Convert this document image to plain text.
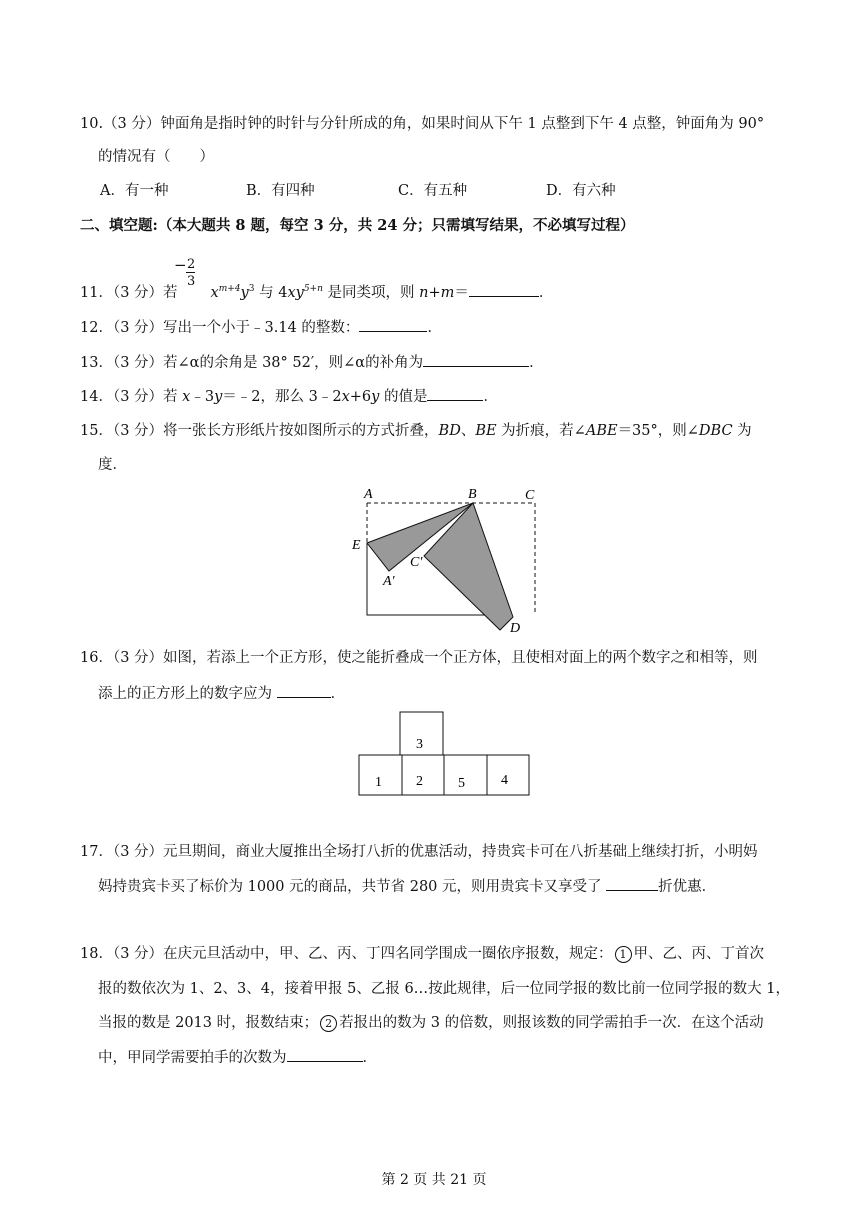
10.（3 分）钟面角是指时钟的时针与分针所成的角，如果时间从下午 1 点整到下午 4 点整，钟面角为 90°
的情况有（　　）
A．有一种	B．有四种	C．有五种	D．有六种
二、填空题:（本大题共 8 题，每空 3 分，共 24 分；只需填写结果，不必填写过程）
− 2
3
11．（3 分）若 $x^{m+4}y^3$ 与 $4xy^{5+n}$ 是同类项，则 n+m＝	．
12．（3 分）写出一个小于﹣3.14 的整数：	．
13．（3 分）若∠α的余角是 38° 52′，则∠α的补角为	．
14．（3 分）若 x﹣3y＝﹣2，那么 3﹣2x+6y 的值是	．
15．（3 分）将一张长方形纸片按如图所示的方式折叠，BD、BE 为折痕，若∠ABE＝35°，则∠DBC 为
度．
A	B	C
E
C′
A′
D
16．（3 分）如图，若添上一个正方形，使之能折叠成一个正方体，且使相对面上的两个数字之和相等，则
添上的正方形上的数字应为	．
3
1 2	5	4
17．（3 分）元旦期间，商业大厦推出全场打八折的优惠活动，持贵宾卡可在八折基础上继续打折，小明妈
妈持贵宾卡买了标价为 1000 元的商品，共节省 280 元，则用贵宾卡又享受了	折优惠．
18．（3 分）在庆元旦活动中，甲、乙、丙、丁四名同学围成一圈依序报数，规定： 1 甲、乙、丙、丁首次
报的数依次为 1、2、3、4，接着甲报 5、乙报 6…按此规律，后一位同学报的数比前一位同学报的数大 1，
当报的数是 2013 时，报数结束； 2 若报出的数为 3 的倍数，则报该数的同学需拍手一次．在这个活动
中，甲同学需要拍手的次数为	．
第 2 页 共 21 页
